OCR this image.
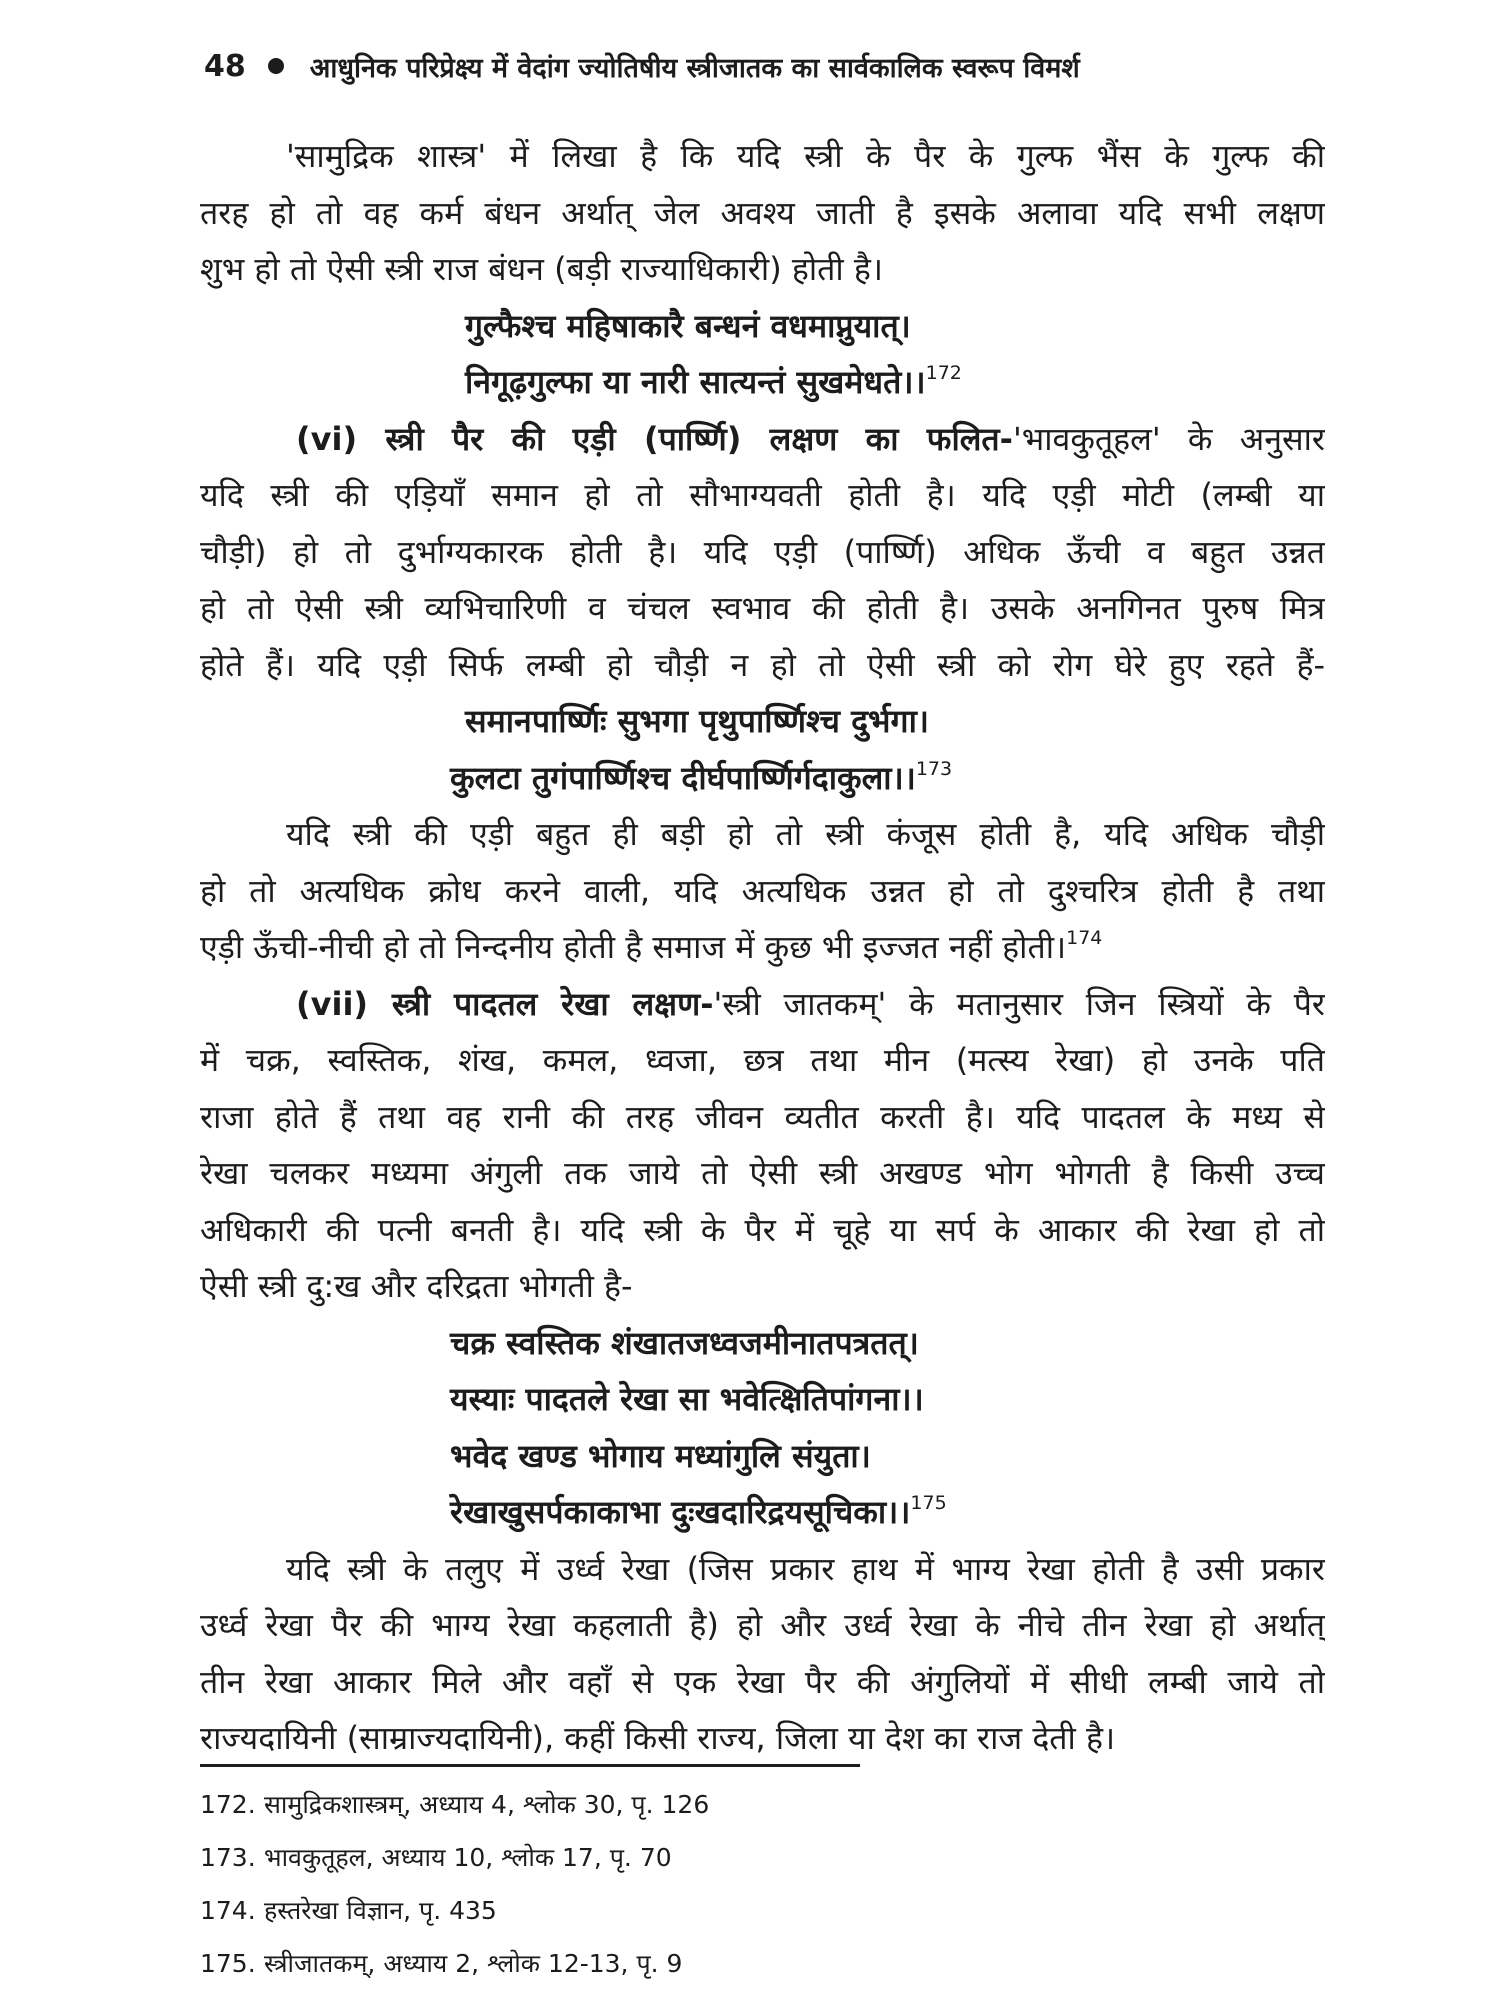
48 आधुनिक परिप्रेक्ष्य में वेदांग ज्योतिषीय स्त्रीजातक का सार्वकालिक स्वरूप विमर्श
'सामुद्रिक शास्त्र' में लिखा है कि यदि स्त्री के पैर के गुल्फ भैंस के गुल्फ की
तरह हो तो वह कर्म बंधन अर्थात् जेल अवश्य जाती है इसके अलावा यदि सभी लक्षण
शुभ हो तो ऐसी स्त्री राज बंधन (बड़ी राज्याधिकारी) होती है।
गुल्फैश्च महिषाकारै बन्धनं वधमाप्नुयात्।
निगूढ़गुल्फा या नारी सात्यन्तं सुखमेधते।।$^{172}$
(vi) स्त्री पैर की एड़ी (पार्ष्णि) लक्षण का फलित-'भावकुतूहल' के अनुसार
यदि स्त्री की एड़ियाँ समान हो तो सौभाग्यवती होती है। यदि एड़ी मोटी (लम्बी या
चौड़ी) हो तो दुर्भाग्यकारक होती है। यदि एड़ी (पार्ष्णि) अधिक ऊँची व बहुत उन्नत
हो तो ऐसी स्त्री व्यभिचारिणी व चंचल स्वभाव की होती है। उसके अनगिनत पुरुष मित्र
होते हैं। यदि एड़ी सिर्फ लम्बी हो चौड़ी न हो तो ऐसी स्त्री को रोग घेरे हुए रहते हैं-
समानपार्ष्णिः सुभगा पृथुपार्ष्णिश्च दुर्भगा।
कुलटा तुगंपार्ष्णिश्च दीर्घपार्ष्णिर्गदाकुला।।$^{173}$
यदि स्त्री की एड़ी बहुत ही बड़ी हो तो स्त्री कंजूस होती है, यदि अधिक चौड़ी
हो तो अत्यधिक क्रोध करने वाली, यदि अत्यधिक उन्नत हो तो दुश्चरित्र होती है तथा
एड़ी ऊँची-नीची हो तो निन्दनीय होती है समाज में कुछ भी इज्जत नहीं होती।$^{174}$
(vii) स्त्री पादतल रेखा लक्षण-'स्त्री जातकम्' के मतानुसार जिन स्त्रियों के पैर
में चक्र, स्वस्तिक, शंख, कमल, ध्वजा, छत्र तथा मीन (मत्स्य रेखा) हो उनके पति
राजा होते हैं तथा वह रानी की तरह जीवन व्यतीत करती है। यदि पादतल के मध्य से
रेखा चलकर मध्यमा अंगुली तक जाये तो ऐसी स्त्री अखण्ड भोग भोगती है किसी उच्च
अधिकारी की पत्नी बनती है। यदि स्त्री के पैर में चूहे या सर्प के आकार की रेखा हो तो
ऐसी स्त्री दु:ख और दरिद्रता भोगती है-
चक्र स्वस्तिक शंखातजध्वजमीनातपत्रतत्।
यस्याः पादतले रेखा सा भवेत्क्षितिपांगना।।
भवेद खण्ड भोगाय मध्यांगुलि संयुता।
रेखाखुसर्पकाकाभा दुःखदारिद्रयसूचिका।।$^{175}$
यदि स्त्री के तलुए में उर्ध्व रेखा (जिस प्रकार हाथ में भाग्य रेखा होती है उसी प्रकार
उर्ध्व रेखा पैर की भाग्य रेखा कहलाती है) हो और उर्ध्व रेखा के नीचे तीन रेखा हो अर्थात्
तीन रेखा आकार मिले और वहाँ से एक रेखा पैर की अंगुलियों में सीधी लम्बी जाये तो
राज्यदायिनी (साम्राज्यदायिनी), कहीं किसी राज्य, जिला या देश का राज देती है।
172. सामुद्रिकशास्त्रम्, अध्याय 4, श्लोक 30, पृ. 126
173. भावकुतूहल, अध्याय 10, श्लोक 17, पृ. 70
174. हस्तरेखा विज्ञान, पृ. 435
175. स्त्रीजातकम्, अध्याय 2, श्लोक 12-13, पृ. 9
